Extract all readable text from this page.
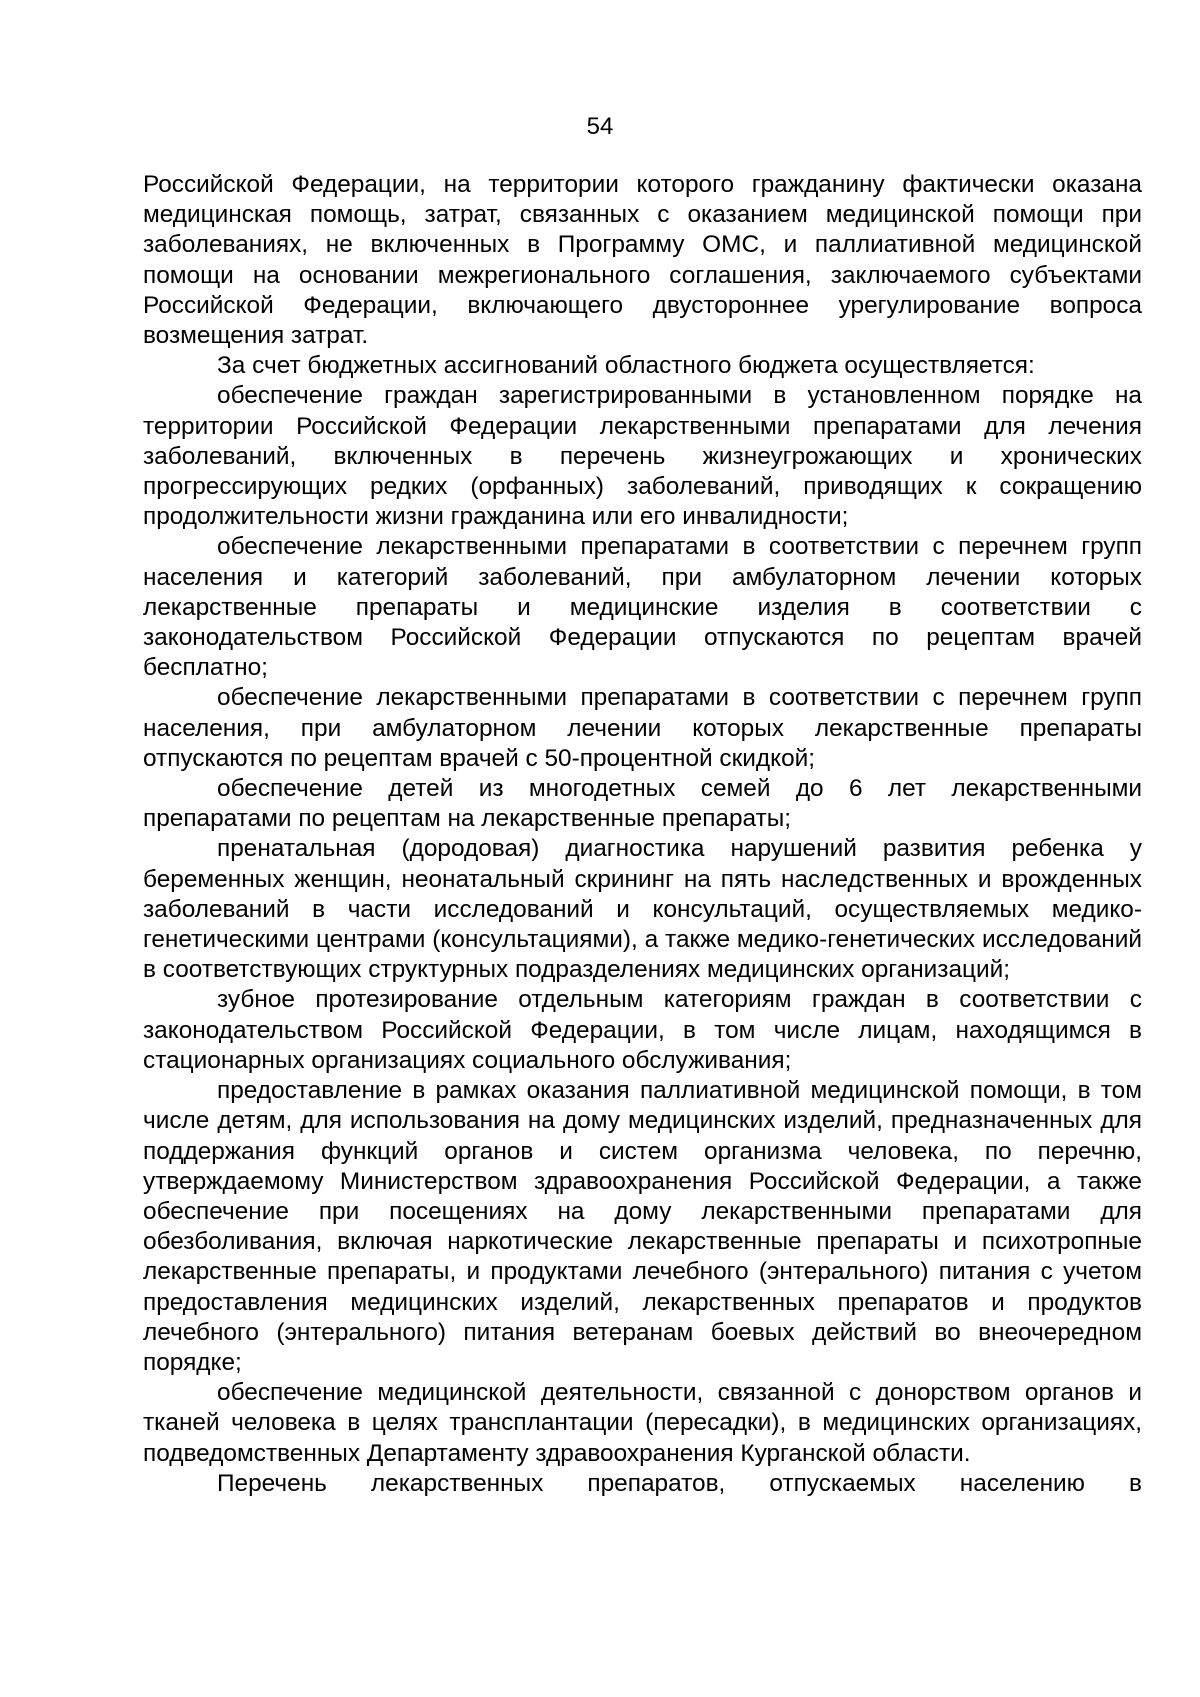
54

Российской Федерации, на территории которого гражданину фактически оказана медицинская помощь, затрат, связанных с оказанием медицинской помощи при заболеваниях, не включенных в Программу ОМС, и паллиативной медицинской помощи на основании межрегионального соглашения, заключаемого субъектами Российской Федерации, включающего двустороннее урегулирование вопроса возмещения затрат.

За счет бюджетных ассигнований областного бюджета осуществляется:

обеспечение граждан зарегистрированными в установленном порядке на территории Российской Федерации лекарственными препаратами для лечения заболеваний, включенных в перечень жизнеугрожающих и хронических прогрессирующих редких (орфанных) заболеваний, приводящих к сокращению продолжительности жизни гражданина или его инвалидности;

обеспечение лекарственными препаратами в соответствии с перечнем групп населения и категорий заболеваний, при амбулаторном лечении которых лекарственные препараты и медицинские изделия в соответствии с законодательством Российской Федерации отпускаются по рецептам врачей бесплатно;

обеспечение лекарственными препаратами в соответствии с перечнем групп населения, при амбулаторном лечении которых лекарственные препараты отпускаются по рецептам врачей с 50-процентной скидкой;

обеспечение детей из многодетных семей до 6 лет лекарственными препаратами по рецептам на лекарственные препараты;

пренатальная (дородовая) диагностика нарушений развития ребенка у беременных женщин, неонатальный скрининг на пять наследственных и врожденных заболеваний в части исследований и консультаций, осуществляемых медико-генетическими центрами (консультациями), а также медико-генетических исследований в соответствующих структурных подразделениях медицинских организаций;

зубное протезирование отдельным категориям граждан в соответствии с законодательством Российской Федерации, в том числе лицам, находящимся в стационарных организациях социального обслуживания;

предоставление в рамках оказания паллиативной медицинской помощи, в том числе детям, для использования на дому медицинских изделий, предназначенных для поддержания функций органов и систем организма человека, по перечню, утверждаемому Министерством здравоохранения Российской Федерации, а также обеспечение при посещениях на дому лекарственными препаратами для обезболивания, включая наркотические лекарственные препараты и психотропные лекарственные препараты, и продуктами лечебного (энтерального) питания с учетом предоставления медицинских изделий, лекарственных препаратов и продуктов лечебного (энтерального) питания ветеранам боевых действий во внеочередном порядке;

обеспечение медицинской деятельности, связанной с донорством органов и тканей человека в целях трансплантации (пересадки), в медицинских организациях, подведомственных Департаменту здравоохранения Курганской области.

Перечень лекарственных препаратов, отпускаемых населению в
